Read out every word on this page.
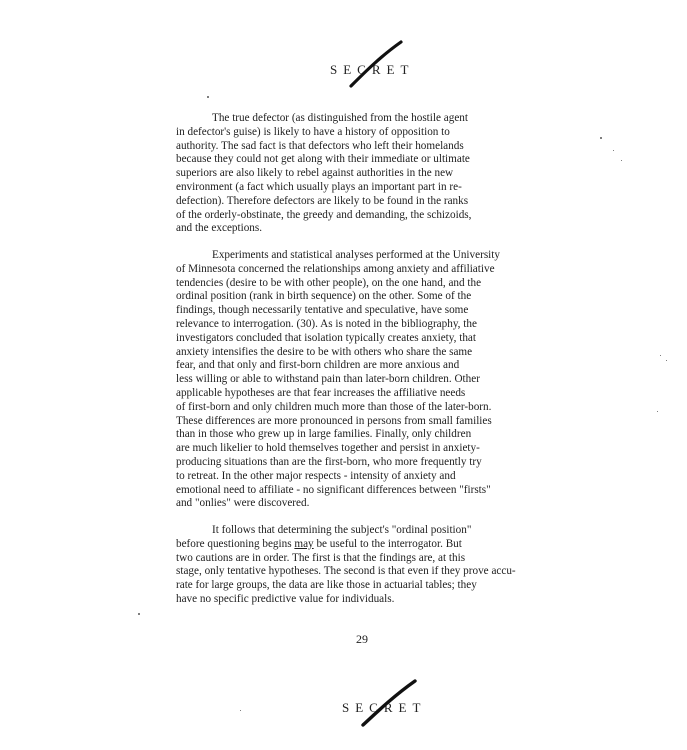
SECRET
The true defector (as distinguished from the hostile agent
in defector's guise) is likely to have a history of opposition to
authority. The sad fact is that defectors who left their homelands
because they could not get along with their immediate or ultimate
superiors are also likely to rebel against authorities in the new
environment (a fact which usually plays an important part in re-
defection). Therefore defectors are likely to be found in the ranks
of the orderly-obstinate, the greedy and demanding, the schizoids,
and the exceptions.
Experiments and statistical analyses performed at the University
of Minnesota concerned the relationships among anxiety and affiliative
tendencies (desire to be with other people), on the one hand, and the
ordinal position (rank in birth sequence) on the other. Some of the
findings, though necessarily tentative and speculative, have some
relevance to interrogation. (30). As is noted in the bibliography, the
investigators concluded that isolation typically creates anxiety, that
anxiety intensifies the desire to be with others who share the same
fear, and that only and first-born children are more anxious and
less willing or able to withstand pain than later-born children. Other
applicable hypotheses are that fear increases the affiliative needs
of first-born and only children much more than those of the later-born.
These differences are more pronounced in persons from small families
than in those who grew up in large families. Finally, only children
are much likelier to hold themselves together and persist in anxiety-
producing situations than are the first-born, who more frequently try
to retreat. In the other major respects - intensity of anxiety and
emotional need to affiliate - no significant differences between "firsts"
and "onlies" were discovered.
It follows that determining the subject's "ordinal position"
before questioning begins may be useful to the interrogator. But
two cautions are in order. The first is that the findings are, at this
stage, only tentative hypotheses. The second is that even if they prove accu-
rate for large groups, the data are like those in actuarial tables; they
have no specific predictive value for individuals.
29
SECRET
